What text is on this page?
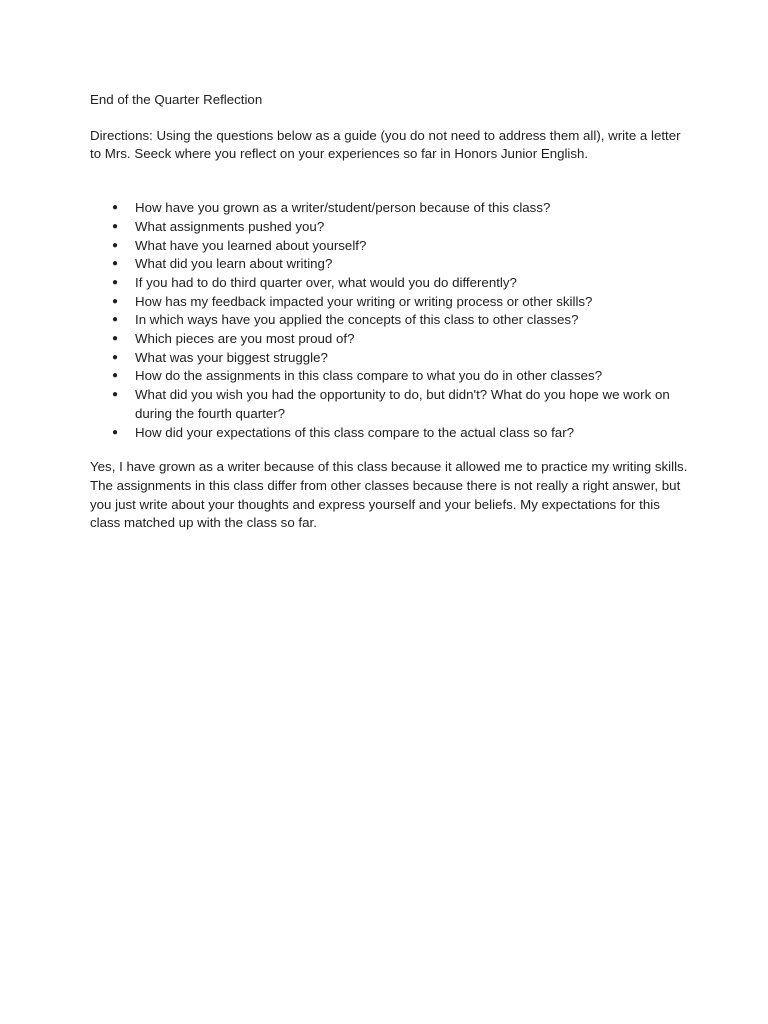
End of the Quarter Reflection

Directions: Using the questions below as a guide (you do not need to address them all), write a letter to Mrs. Seeck where you reflect on your experiences so far in Honors Junior English.

● How have you grown as a writer/student/person because of this class?
● What assignments pushed you?
● What have you learned about yourself?
● What did you learn about writing?
● If you had to do third quarter over, what would you do differently?
● How has my feedback impacted your writing or writing process or other skills?
● In which ways have you applied the concepts of this class to other classes?
● Which pieces are you most proud of?
● What was your biggest struggle?
● How do the assignments in this class compare to what you do in other classes?
● What did you wish you had the opportunity to do, but didn't? What do you hope we work on during the fourth quarter?
● How did your expectations of this class compare to the actual class so far?

Yes, I have grown as a writer because of this class because it allowed me to practice my writing skills. The assignments in this class differ from other classes because there is not really a right answer, but you just write about your thoughts and express yourself and your beliefs. My expectations for this class matched up with the class so far.
